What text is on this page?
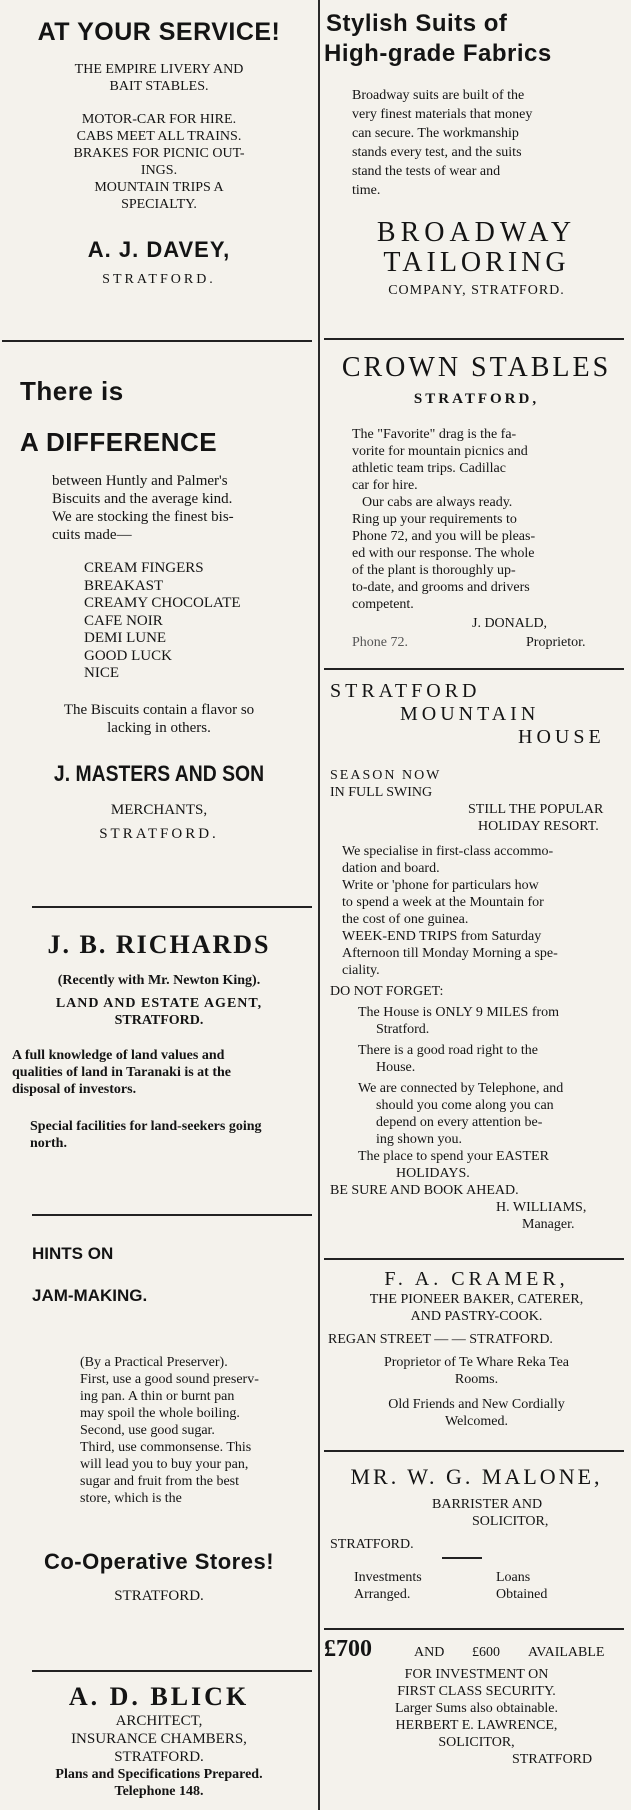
AT YOUR SERVICE!
THE EMPIRE LIVERY AND
BAIT STABLES.
MOTOR-CAR FOR HIRE.
CABS MEET ALL TRAINS.
BRAKES FOR PICNIC OUT-
INGS.
MOUNTAIN TRIPS A
SPECIALTY.
A. J. DAVEY,
STRATFORD.
There is
A DIFFERENCE
between Huntly and Palmer's
Biscuits and the average kind.
We are stocking the finest bis-
cuits made—
CREAM FINGERS
BREAKAST
CREAMY CHOCOLATE
CAFE NOIR
DEMI LUNE
GOOD LUCK
NICE
The Biscuits contain a flavor so
lacking in others.
J. MASTERS AND SON
MERCHANTS,
STRATFORD.
J. B. RICHARDS
(Recently with Mr. Newton King).
LAND AND ESTATE AGENT,
STRATFORD.
A full knowledge of land values and
qualities of land in Taranaki is at the
disposal of investors.
Special facilities for land-seekers going
north.
HINTS ON
JAM-MAKING.
(By a Practical Preserver).
First, use a good sound preserv-
ing pan. A thin or burnt pan
may spoil the whole boiling.
Second, use good sugar.
Third, use commonsense. This
will lead you to buy your pan,
sugar and fruit from the best
store, which is the
Co-Operative Stores!
STRATFORD.
A. D. BLICK
ARCHITECT,
INSURANCE CHAMBERS,
STRATFORD.
Plans and Specifications Prepared.
Telephone 148.
Stylish Suits of
High-grade Fabrics
Broadway suits are built of the
very finest materials that money
can secure. The workmanship
stands every test, and the suits
stand the tests of wear and
time.
BROADWAY
TAILORING
COMPANY, STRATFORD.
CROWN STABLES
STRATFORD,
The "Favorite" drag is the fa-
vorite for mountain picnics and
athletic team trips. Cadillac
car for hire.
Our cabs are always ready.
Ring up your requirements to
Phone 72, and you will be pleas-
ed with our response. The whole
of the plant is thoroughly up-
to-date, and grooms and drivers
competent.
J. DONALD,
Phone 72.	Proprietor.
STRATFORD
MOUNTAIN
HOUSE
SEASON NOW
IN FULL SWING
STILL THE POPULAR
HOLIDAY RESORT.
We specialise in first-class accommo-
dation and board.
Write or 'phone for particulars how
to spend a week at the Mountain for
the cost of one guinea.
WEEK-END TRIPS from Saturday
Afternoon till Monday Morning a spe-
ciality.
DO NOT FORGET:
The House is ONLY 9 MILES from
Stratford.
There is a good road right to the
House.
We are connected by Telephone, and
should you come along you can
depend on every attention be-
ing shown you.
The place to spend your EASTER
HOLIDAYS.
BE SURE AND BOOK AHEAD.
H. WILLIAMS,
Manager.
F. A. CRAMER,
THE PIONEER BAKER, CATERER,
AND PASTRY-COOK.
REGAN STREET — — STRATFORD.
Proprietor of Te Whare Reka Tea
Rooms.
Old Friends and New Cordially
Welcomed.
MR. W. G. MALONE,
BARRISTER AND
SOLICITOR,
STRATFORD.
Investments
Arranged.
Loans
Obtained
£700	AND £600 AVAILABLE
FOR INVESTMENT ON
FIRST CLASS SECURITY.
Larger Sums also obtainable.
HERBERT E. LAWRENCE,
SOLICITOR,
STRATFORD
